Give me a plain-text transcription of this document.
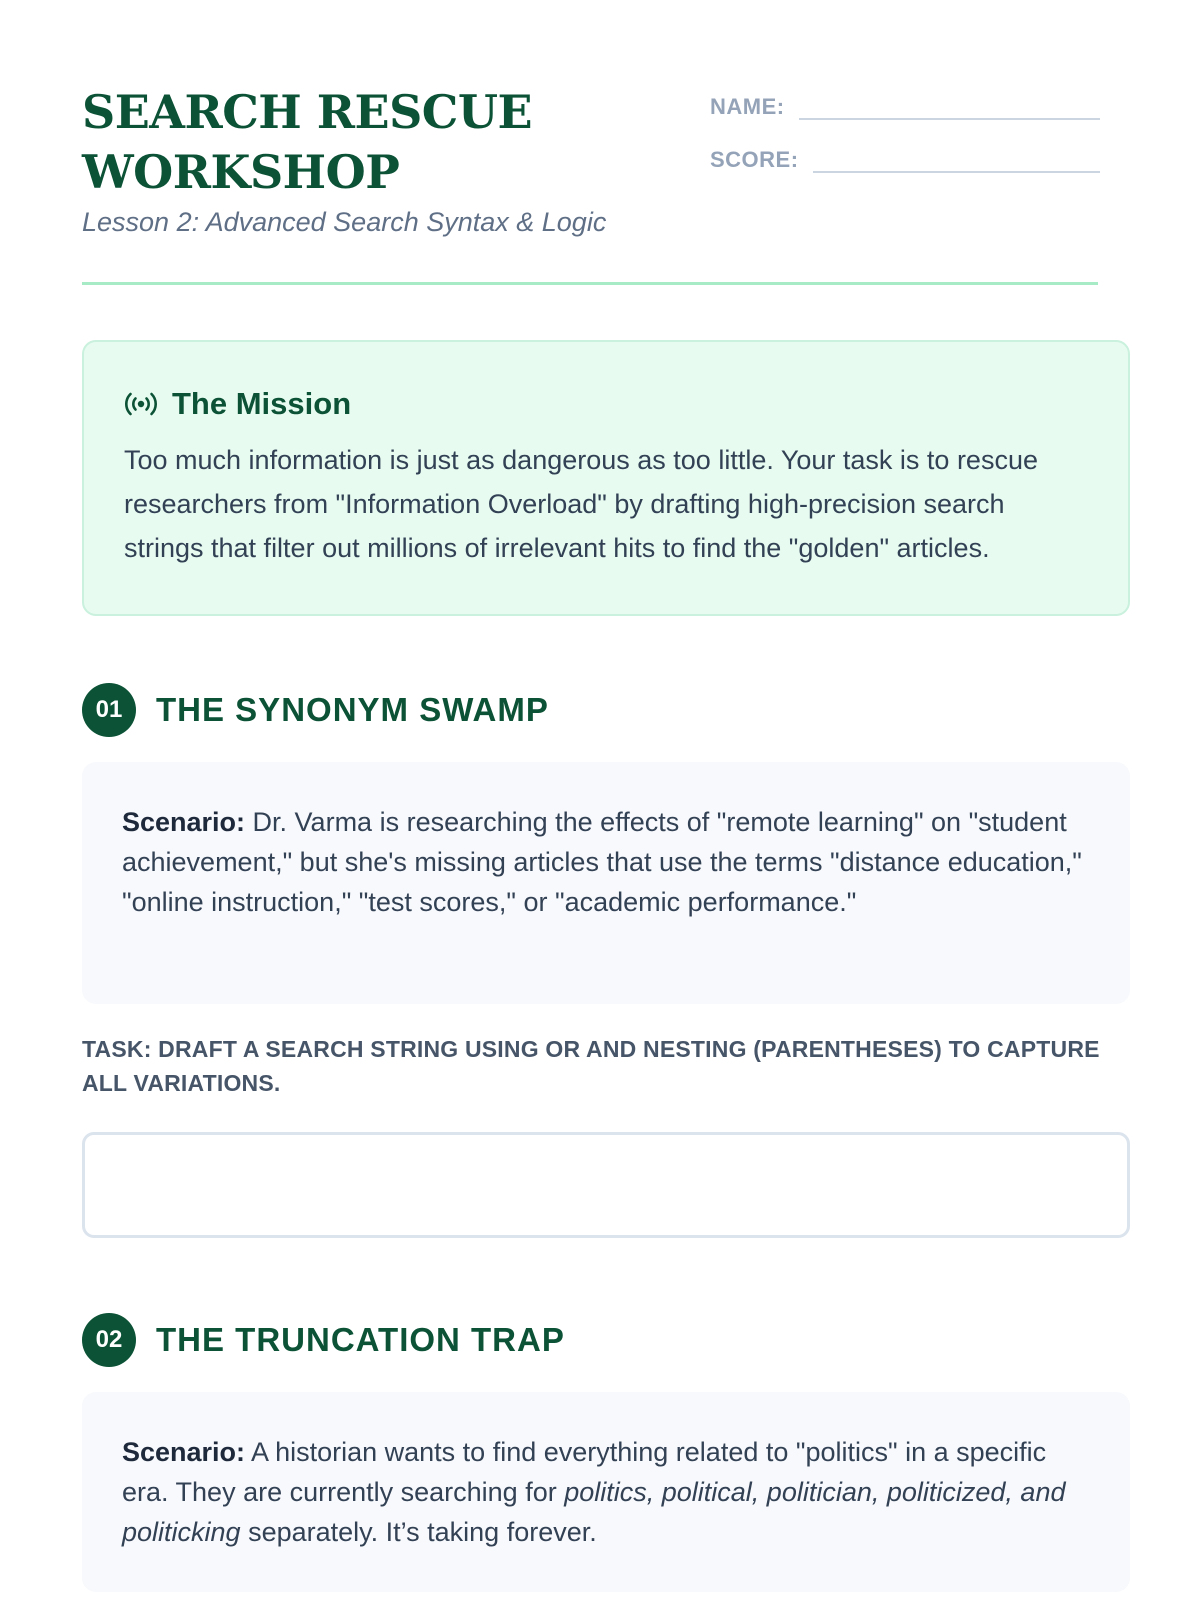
SEARCH RESCUE
WORKSHOP
Lesson 2: Advanced Search Syntax & Logic
NAME:
SCORE:
The Mission
Too much information is just as dangerous as too little. Your task is to rescue researchers from "Information Overload" by drafting high-precision search strings that filter out millions of irrelevant hits to find the "golden" articles.
01	THE SYNONYM SWAMP
Scenario: Dr. Varma is researching the effects of "remote learning" on "student achievement," but she's missing articles that use the terms "distance education," "online instruction," "test scores," or "academic performance."
TASK: DRAFT A SEARCH STRING USING OR AND NESTING (PARENTHESES) TO CAPTURE ALL VARIATIONS.
02	THE TRUNCATION TRAP
Scenario: A historian wants to find everything related to "politics" in a specific era. They are currently searching for politics, political, politician, politicized, and politicking separately. It’s taking forever.
